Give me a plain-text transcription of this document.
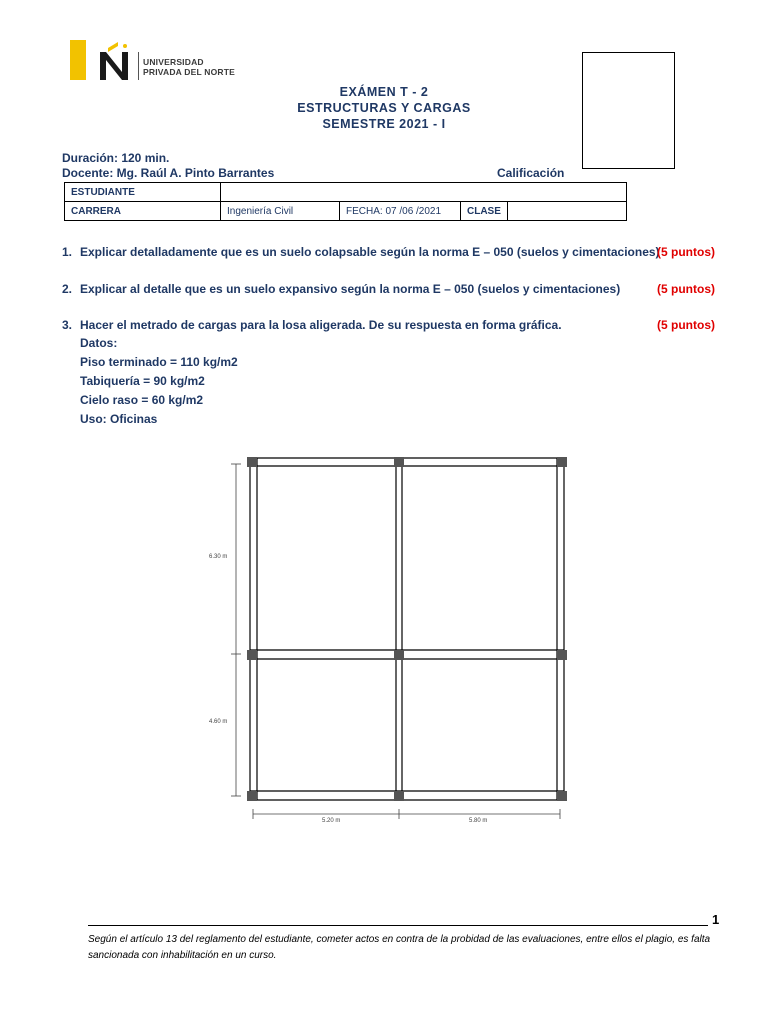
UNIVERSIDAD
PRIVADA DEL NORTE
EXÁMEN T - 2
ESTRUCTURAS Y CARGAS
SEMESTRE 2021 - I
Duración: 120 min.
Docente: Mg. Raúl A. Pinto Barrantes	Calificación
ESTUDIANTE				
CARRERA	Ingeniería Civil	FECHA: 07 /06 /2021	CLASE	
1. Explicar detalladamente que es un suelo colapsable según la norma E – 050 (suelos y cimentaciones)
(5 puntos)
2. Explicar al detalle que es un suelo expansivo según la norma E – 050 (suelos y cimentaciones)	(5 puntos)
3. Hacer el metrado de cargas para la losa aligerada. De su respuesta en forma gráfica.	(5 puntos)
Datos:
Piso terminado = 110 kg/m2
Tabiquería = 90 kg/m2
Cielo raso = 60 kg/m2
Uso: Oficinas
6.30 m
4.60 m
5.20 m	5.80 m
1
Según el artículo 13 del reglamento del estudiante, cometer actos en contra de la probidad de las evaluaciones, entre ellos el plagio, es falta sancionada con inhabilitación en un curso.
